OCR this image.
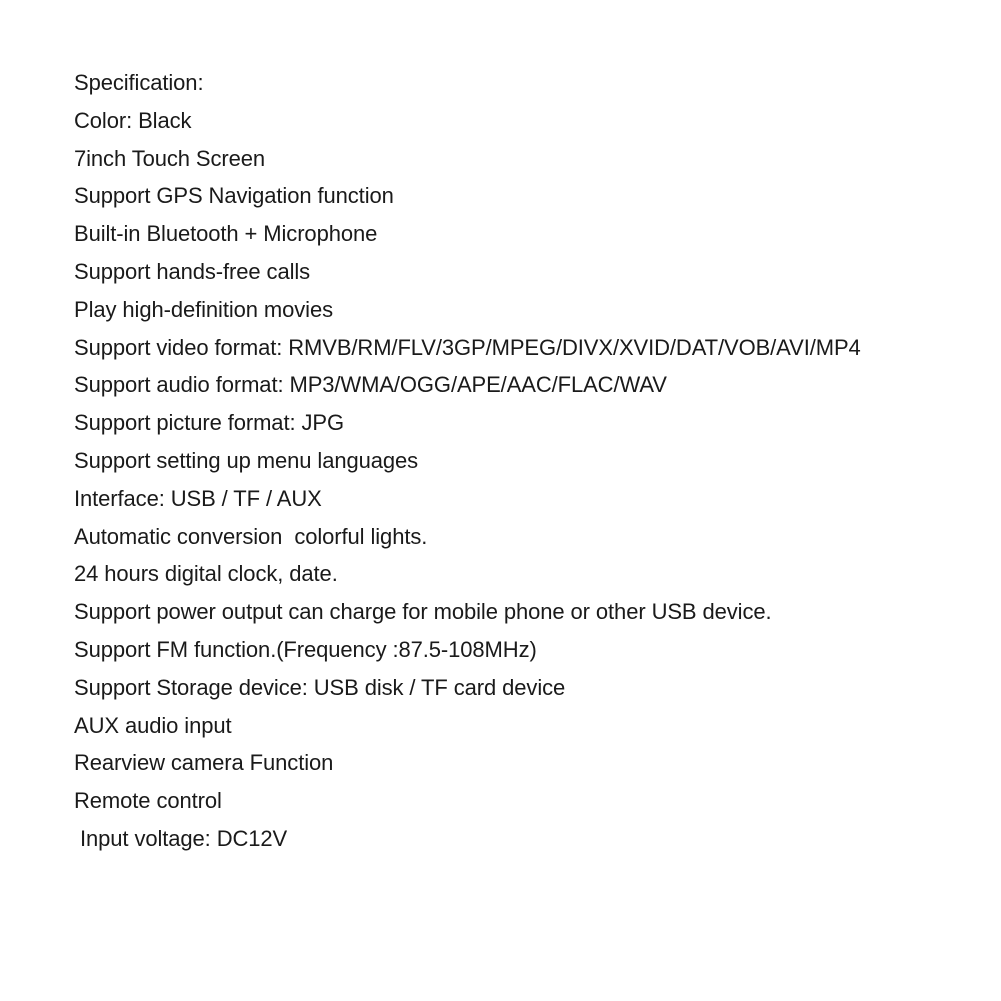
Specification:
Color: Black
7inch Touch Screen
Support GPS Navigation function
Built-in Bluetooth + Microphone
Support hands-free calls
Play high-definition movies
Support video format: RMVB/RM/FLV/3GP/MPEG/DIVX/XVID/DAT/VOB/AVI/MP4
Support audio format: MP3/WMA/OGG/APE/AAC/FLAC/WAV
Support picture format: JPG
Support setting up menu languages
Interface: USB / TF / AUX
Automatic conversion  colorful lights.
24 hours digital clock, date.
Support power output can charge for mobile phone or other USB device.
Support FM function.(Frequency :87.5-108MHz)
Support Storage device: USB disk / TF card device
AUX audio input
Rearview camera Function
Remote control
Input voltage: DC12V
